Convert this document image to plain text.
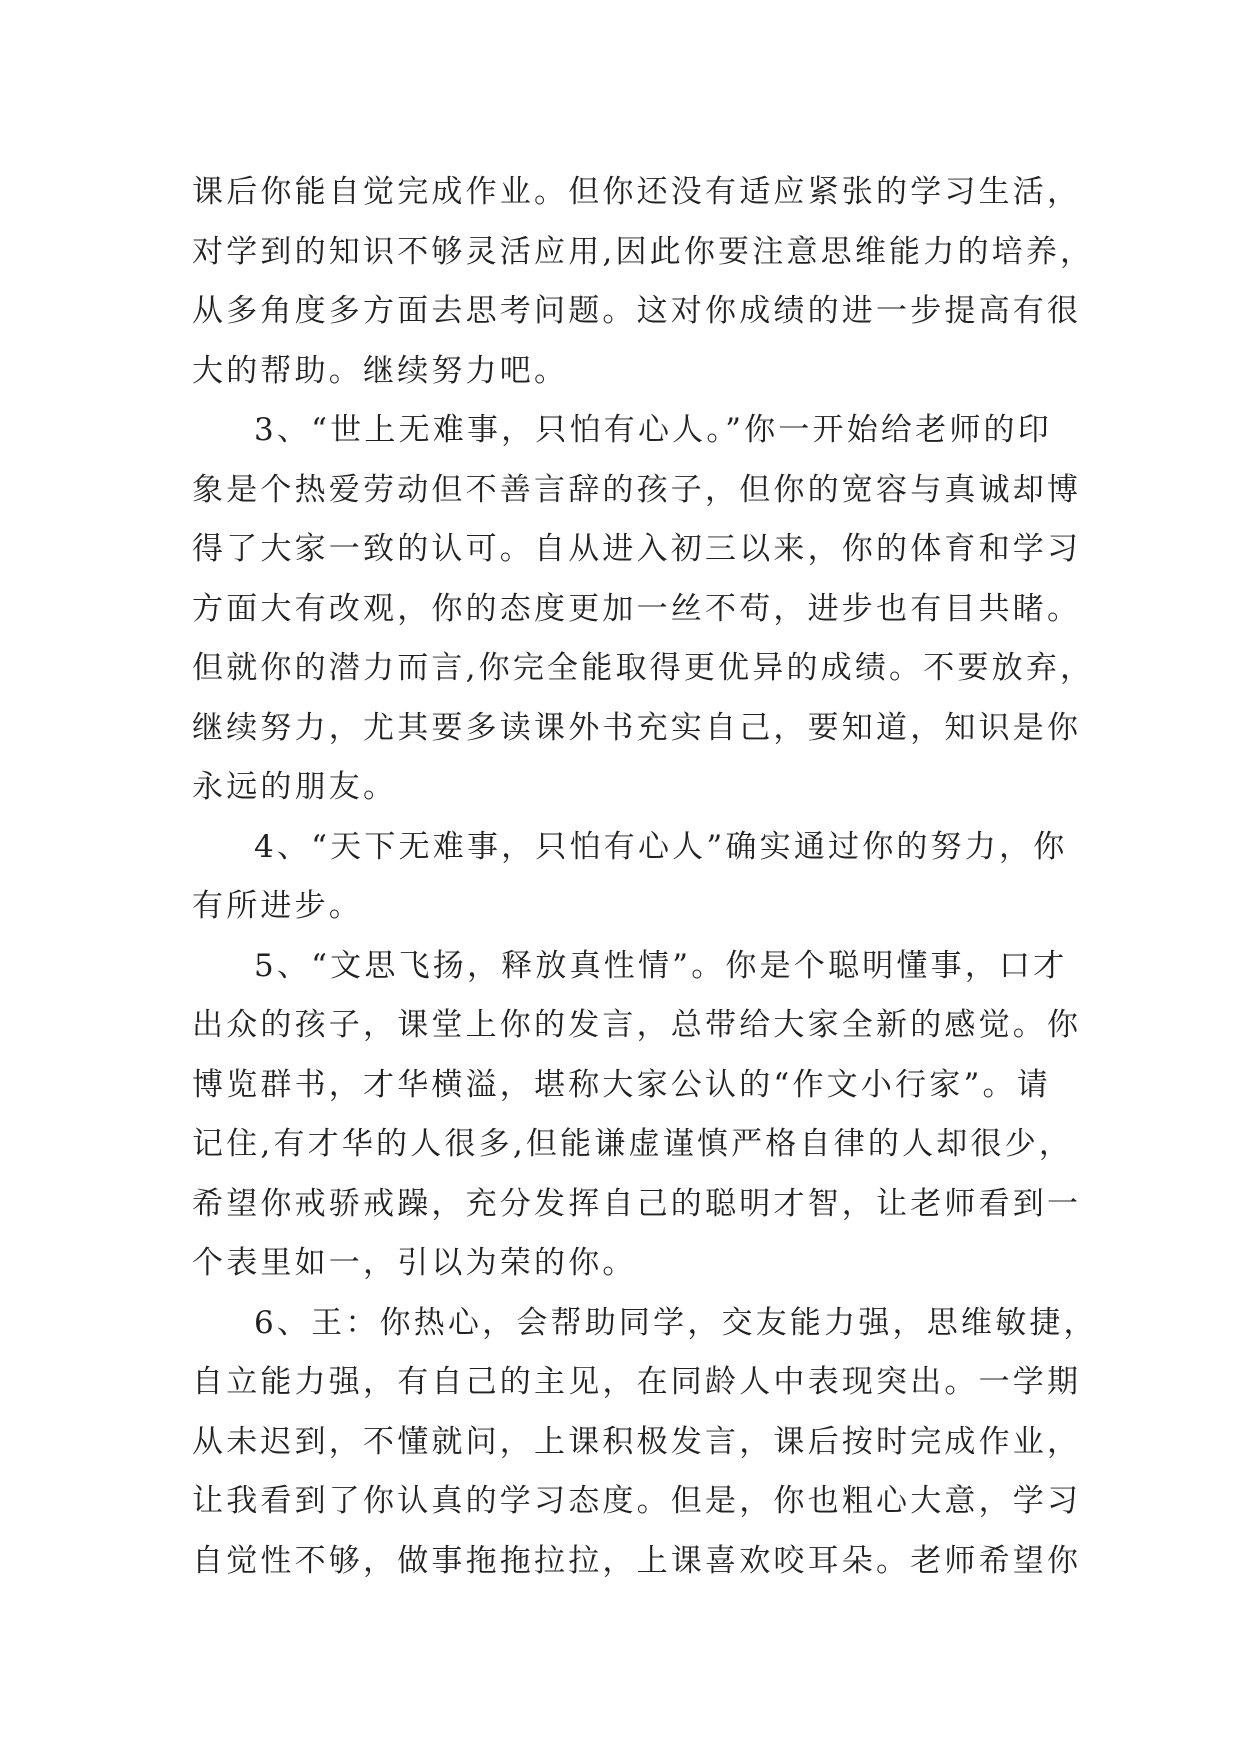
课后你能自觉完成作业。但你还没有适应紧张的学习生活，
对学到的知识不够灵活应用,因此你要注意思维能力的培养，
从多角度多方面去思考问题。这对你成绩的进一步提高有很
大的帮助。继续努力吧。
3、“世上无难事，只怕有心人。”你一开始给老师的印
象是个热爱劳动但不善言辞的孩子，但你的宽容与真诚却博
得了大家一致的认可。自从进入初三以来，你的体育和学习
方面大有改观，你的态度更加一丝不苟，进步也有目共睹。
但就你的潜力而言,你完全能取得更优异的成绩。不要放弃，
继续努力，尤其要多读课外书充实自己，要知道，知识是你
永远的朋友。
4、“天下无难事，只怕有心人”确实通过你的努力，你
有所进步。
5、“文思飞扬，释放真性情”。你是个聪明懂事，口才
出众的孩子，课堂上你的发言，总带给大家全新的感觉。你
博览群书，才华横溢，堪称大家公认的“作文小行家”。请
记住,有才华的人很多,但能谦虚谨慎严格自律的人却很少，
希望你戒骄戒躁，充分发挥自己的聪明才智，让老师看到一
个表里如一，引以为荣的你。
6、王：你热心，会帮助同学，交友能力强，思维敏捷，
自立能力强，有自己的主见，在同龄人中表现突出。一学期
从未迟到，不懂就问，上课积极发言，课后按时完成作业，
让我看到了你认真的学习态度。但是，你也粗心大意，学习
自觉性不够，做事拖拖拉拉，上课喜欢咬耳朵。老师希望你
